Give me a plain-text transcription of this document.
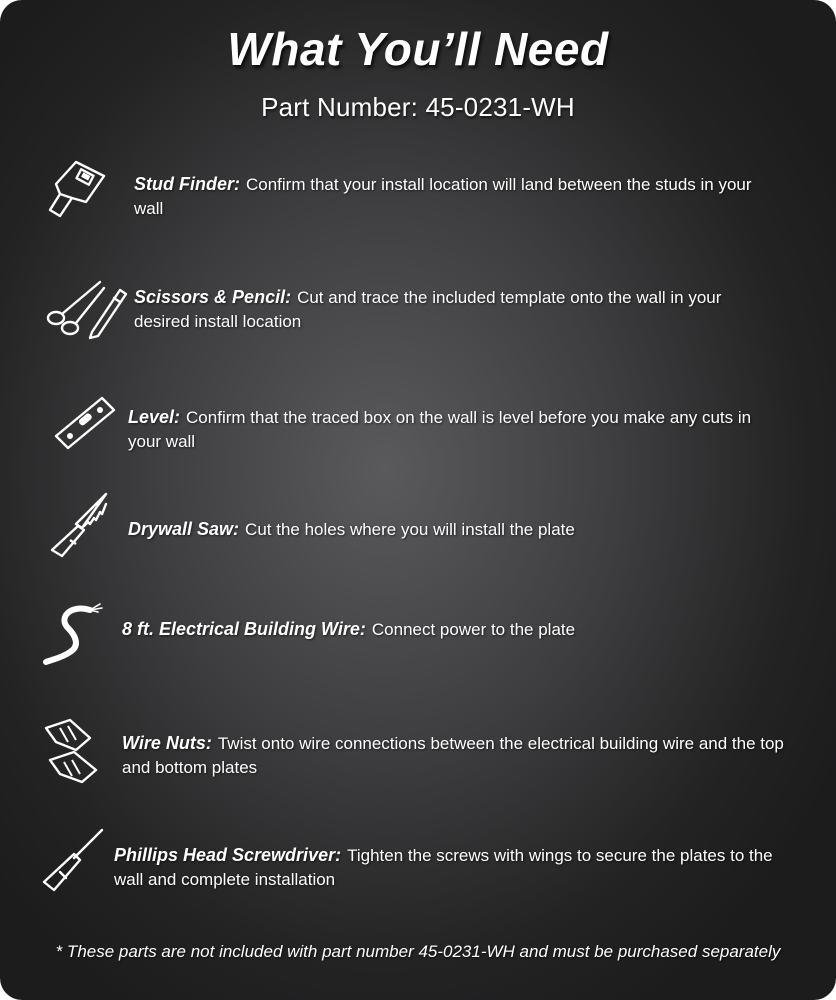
What You’ll Need
Part Number: 45-0231-WH
Stud Finder: Confirm that your install location will land between the studs in your wall
Scissors & Pencil: Cut and trace the included template onto the wall in your desired install location
Level: Confirm that the traced box on the wall is level before you make any cuts in your wall
Drywall Saw: Cut the holes where you will install the plate
8 ft. Electrical Building Wire: Connect power to the plate
Wire Nuts: Twist onto wire connections between the electrical building wire and the top and bottom plates
Phillips Head Screwdriver: Tighten the screws with wings to secure the plates to the wall and complete installation
* These parts are not included with part number 45-0231-WH and must be purchased separately
